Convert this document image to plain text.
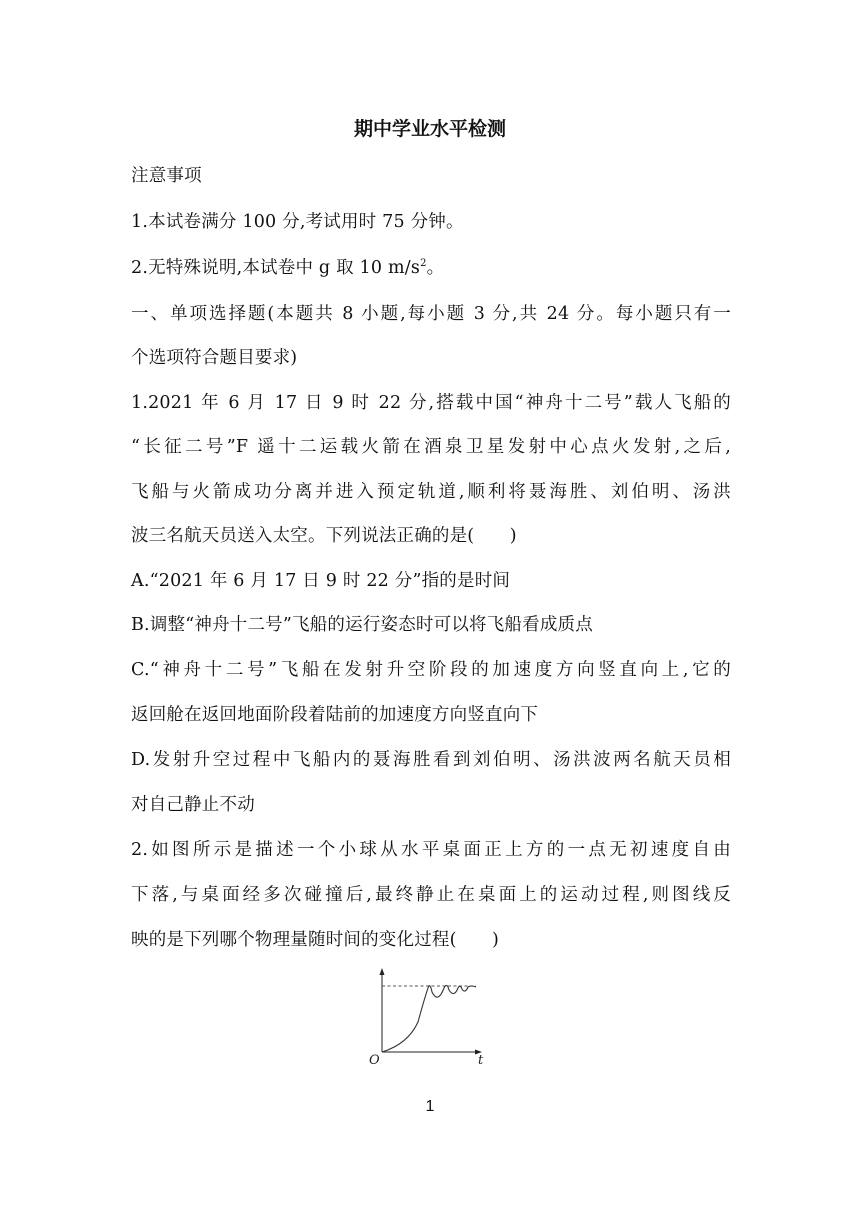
期中学业水平检测
注意事项
1.本试卷满分 100 分,考试用时 75 分钟。
2.无特殊说明,本试卷中 g 取 10 $m/s^2$。
一、单项选择题(本题共 8 小题,每小题 3 分,共 24 分。每小题只有一
个选项符合题目要求)
1.2021 年 6 月 17 日 9 时 22 分,搭载中国“神舟十二号”载人飞船的
“长征二号”F 遥十二运载火箭在酒泉卫星发射中心点火发射,之后,
飞船与火箭成功分离并进入预定轨道,顺利将聂海胜、刘伯明、汤洪
波三名航天员送入太空。下列说法正确的是(　　)
A.“2021 年 6 月 17 日 9 时 22 分”指的是时间
B.调整“神舟十二号”飞船的运行姿态时可以将飞船看成质点
C.“神舟十二号”飞船在发射升空阶段的加速度方向竖直向上,它的
返回舱在返回地面阶段着陆前的加速度方向竖直向下
D.发射升空过程中飞船内的聂海胜看到刘伯明、汤洪波两名航天员相
对自己静止不动
2.如图所示是描述一个小球从水平桌面正上方的一点无初速度自由
下落,与桌面经多次碰撞后,最终静止在桌面上的运动过程,则图线反
映的是下列哪个物理量随时间的变化过程(　　)
O	t
1
